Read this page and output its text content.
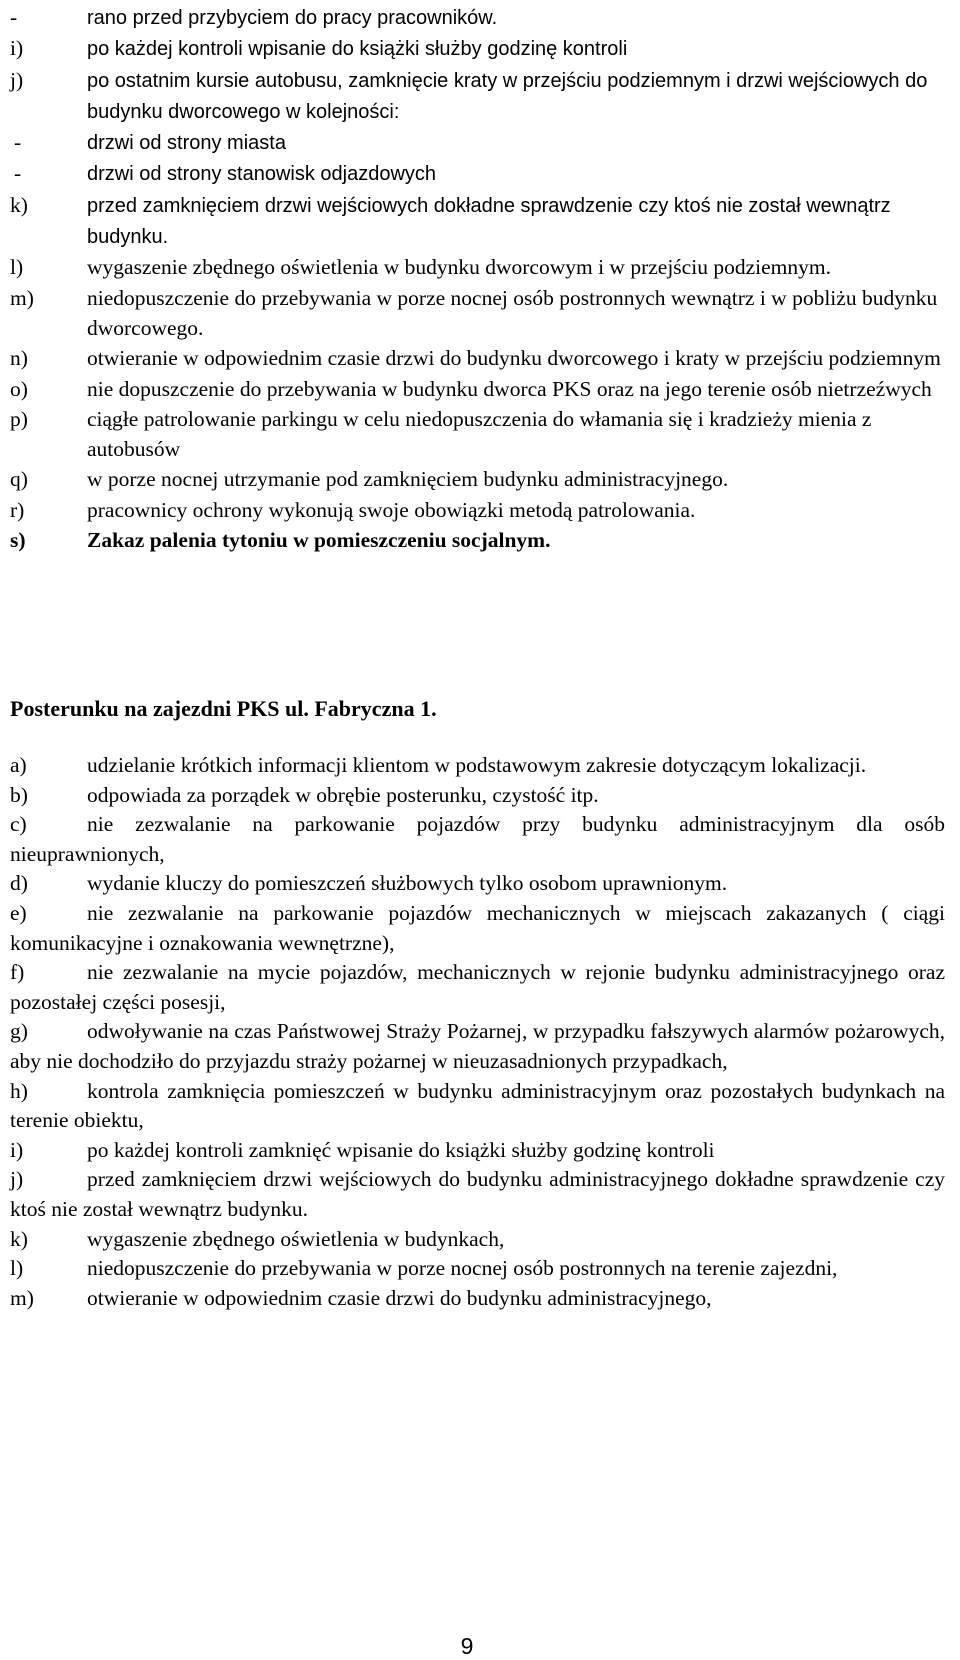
-	rano przed przybyciem do pracy pracowników.
i)	po każdej kontroli wpisanie do książki służby godzinę kontroli
j)	po ostatnim kursie autobusu, zamknięcie kraty w przejściu podziemnym i drzwi wejściowych do budynku dworcowego w kolejności:
-	drzwi od strony miasta
-	drzwi od strony stanowisk odjazdowych
k)	przed zamknięciem drzwi wejściowych dokładne sprawdzenie czy ktoś nie został wewnątrz budynku.
l)	wygaszenie zbędnego oświetlenia w budynku dworcowym i w przejściu podziemnym.
m) niedopuszczenie do przebywania w porze nocnej osób postronnych wewnątrz i w pobliżu budynku dworcowego.
n)	otwieranie w odpowiednim czasie drzwi do budynku dworcowego i kraty w przejściu podziemnym
o)	nie dopuszczenie do przebywania w budynku dworca PKS oraz na jego terenie osób nietrzeźwych
p)	ciągłe patrolowanie parkingu w celu niedopuszczenia do włamania się i kradzieży mienia z autobusów
q)	w porze nocnej utrzymanie pod zamknięciem budynku administracyjnego.
r)	pracownicy ochrony wykonują swoje obowiązki metodą patrolowania.
s)	Zakaz palenia tytoniu w pomieszczeniu socjalnym.
Posterunku na zajezdni PKS ul. Fabryczna 1.
a)	udzielanie krótkich informacji klientom w podstawowym zakresie dotyczącym lokalizacji.
b)	odpowiada za porządek w obrębie posterunku, czystość itp.
c)	nie zezwalanie na parkowanie pojazdów przy budynku administracyjnym dla osób nieuprawnionych,
d)	wydanie kluczy do pomieszczeń służbowych tylko osobom uprawnionym.
e)	nie zezwalanie na parkowanie pojazdów mechanicznych w miejscach zakazanych ( ciągi komunikacyjne i oznakowania wewnętrzne),
f)	nie zezwalanie na mycie pojazdów, mechanicznych w rejonie budynku administracyjnego oraz pozostałej części posesji,
g)	odwoływanie na czas Państwowej Straży Pożarnej, w przypadku fałszywych alarmów pożarowych, aby nie dochodziło do przyjazdu straży pożarnej w nieuzasadnionych przypadkach,
h)	kontrola zamknięcia pomieszczeń w budynku administracyjnym oraz pozostałych budynkach na terenie obiektu,
i)	po każdej kontroli zamknięć wpisanie do książki służby godzinę kontroli
j)	przed zamknięciem drzwi wejściowych do budynku administracyjnego dokładne sprawdzenie czy ktoś nie został wewnątrz budynku.
k)	wygaszenie zbędnego oświetlenia w budynkach,
l)	niedopuszczenie do przebywania w porze nocnej osób postronnych na terenie zajezdni,
m) otwieranie w odpowiednim czasie drzwi do budynku administracyjnego,
9
